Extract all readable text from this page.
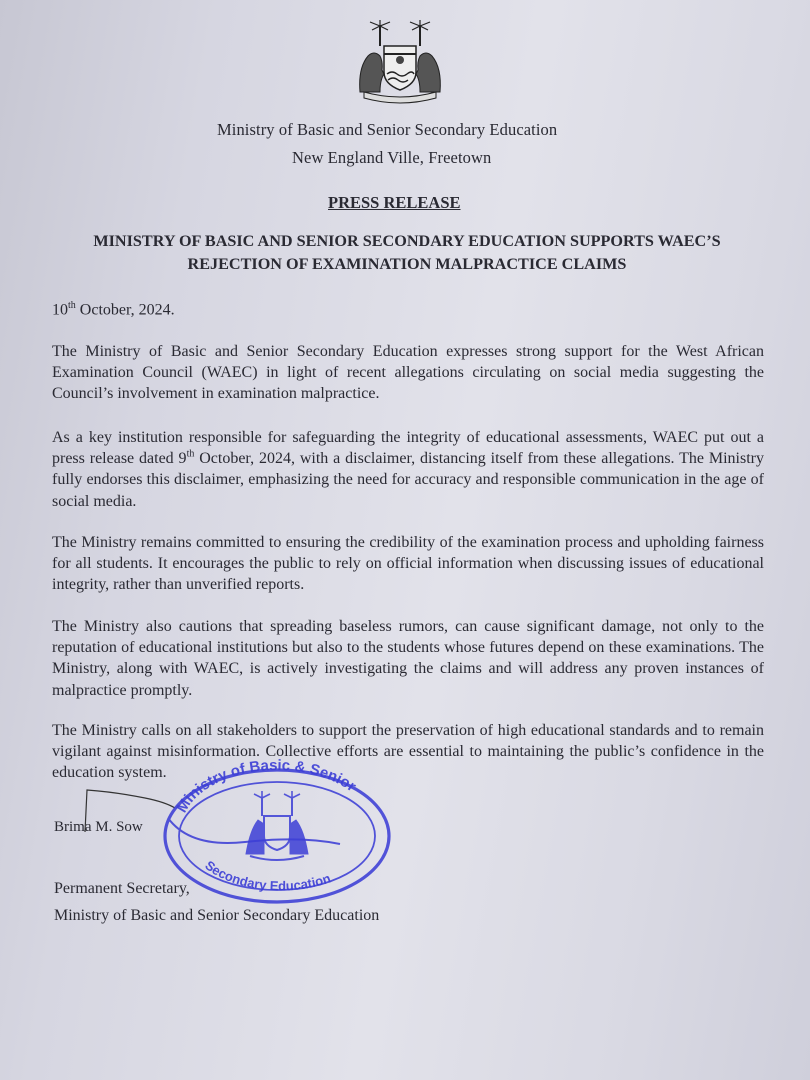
Ministry of Basic and Senior Secondary Education
New England Ville, Freetown
PRESS RELEASE
MINISTRY OF BASIC AND SENIOR SECONDARY EDUCATION SUPPORTS WAEC’S
REJECTION OF EXAMINATION MALPRACTICE CLAIMS
10th October, 2024.

The Ministry of Basic and Senior Secondary Education expresses strong support for the West African Examination Council (WAEC) in light of recent allegations circulating on social media suggesting the Council’s involvement in examination malpractice.

As a key institution responsible for safeguarding the integrity of educational assessments, WAEC put out a press release dated 9th October, 2024, with a disclaimer, distancing itself from these allegations. The Ministry fully endorses this disclaimer, emphasizing the need for accuracy and responsible communication in the age of social media.

The Ministry remains committed to ensuring the credibility of the examination process and upholding fairness for all students. It encourages the public to rely on official information when discussing issues of educational integrity, rather than unverified reports.

The Ministry also cautions that spreading baseless rumors, can cause significant damage, not only to the reputation of educational institutions but also to the students whose futures depend on these examinations. The Ministry, along with WAEC, is actively investigating the claims and will address any proven instances of malpractice promptly.

The Ministry calls on all stakeholders to support the preservation of high educational standards and to remain vigilant against misinformation. Collective efforts are essential to maintaining the public’s confidence in the education system.

Brima M. Sow
Ministry of Basic & Senior
Secondary Education
Permanent Secretary,
Ministry of Basic and Senior Secondary Education
